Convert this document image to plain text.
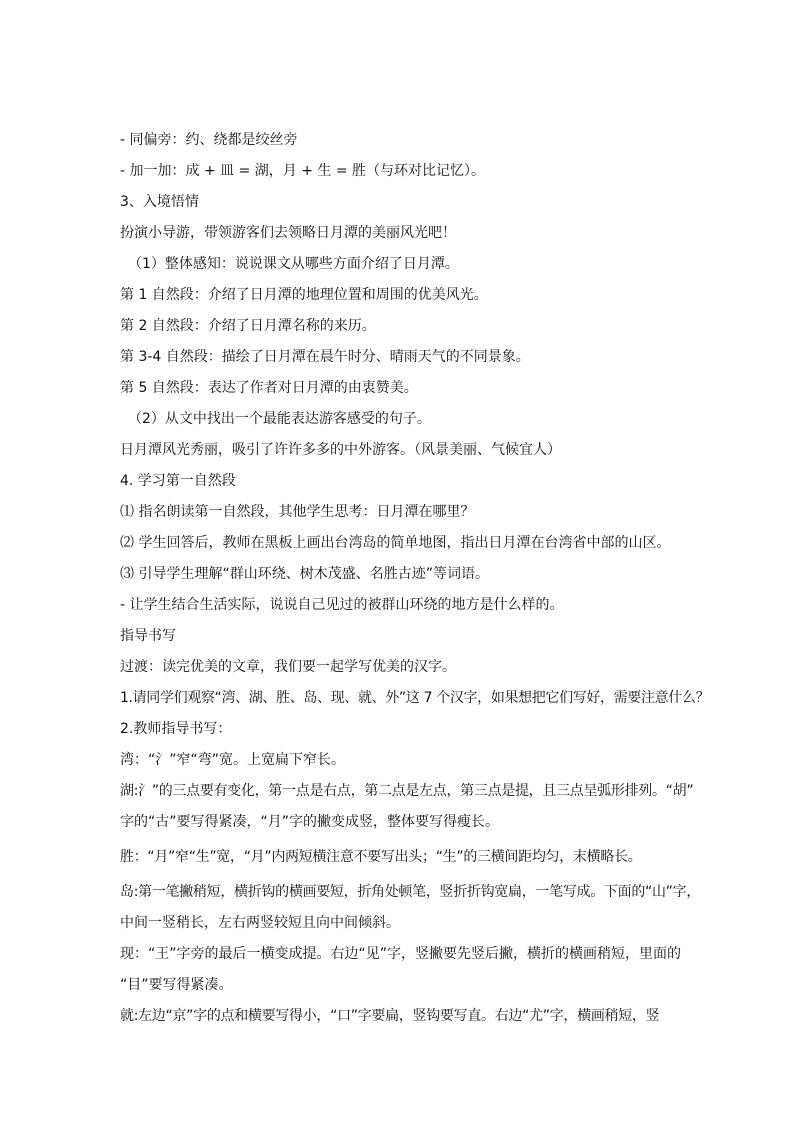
- 同偏旁：约、绕都是绞丝旁
- 加一加：成 + 皿 = 湖，月 + 生 = 胜（与环对比记忆）。
3、入境悟情
扮演小导游，带领游客们去领略日月潭的美丽风光吧！
（1）整体感知：说说课文从哪些方面介绍了日月潭。
第 1 自然段：介绍了日月潭的地理位置和周围的优美风光。
第 2 自然段：介绍了日月潭名称的来历。
第 3-4 自然段：描绘了日月潭在晨午时分、晴雨天气的不同景象。
第 5 自然段：表达了作者对日月潭的由衷赞美。
（2）从文中找出一个最能表达游客感受的句子。
日月潭风光秀丽，吸引了许许多多的中外游客。（风景美丽、气候宜人）
4. 学习第一自然段
⑴ 指名朗读第一自然段，其他学生思考：日月潭在哪里？
⑵ 学生回答后，教师在黑板上画出台湾岛的简单地图，指出日月潭在台湾省中部的山区。
⑶ 引导学生理解“群山环绕、树木茂盛、名胜古迹”等词语。
- 让学生结合生活实际，说说自己见过的被群山环绕的地方是什么样的。
指导书写
过渡：读完优美的文章，我们要一起学写优美的汉字。
1.请同学们观察“湾、湖、胜、岛、现、就、外”这 7 个汉字，如果想把它们写好，需要注意什么？
2.教师指导书写：
湾：“氵”窄“弯”宽。上宽扁下窄长。
湖:氵”的三点要有变化，第一点是右点，第二点是左点，第三点是提，且三点呈弧形排列。“胡”
字的“古”要写得紧凑，“月”字的撇变成竖，整体要写得瘦长。
胜：“月”窄“生”宽，“月”内两短横注意不要写出头；“生”的三横间距均匀，末横略长。
岛:第一笔撇稍短，横折钩的横画要短，折角处顿笔，竖折折钩宽扁，一笔写成。下面的“山”字，
中间一竖稍长，左右两竖较短且向中间倾斜。
现：“王”字旁的最后一横变成提。右边“见”字，竖撇要先竖后撇，横折的横画稍短，里面的
“目”要写得紧凑。
就:左边“京”字的点和横要写得小，“口”字要扁，竖钩要写直。右边“尤”字，横画稍短，竖
